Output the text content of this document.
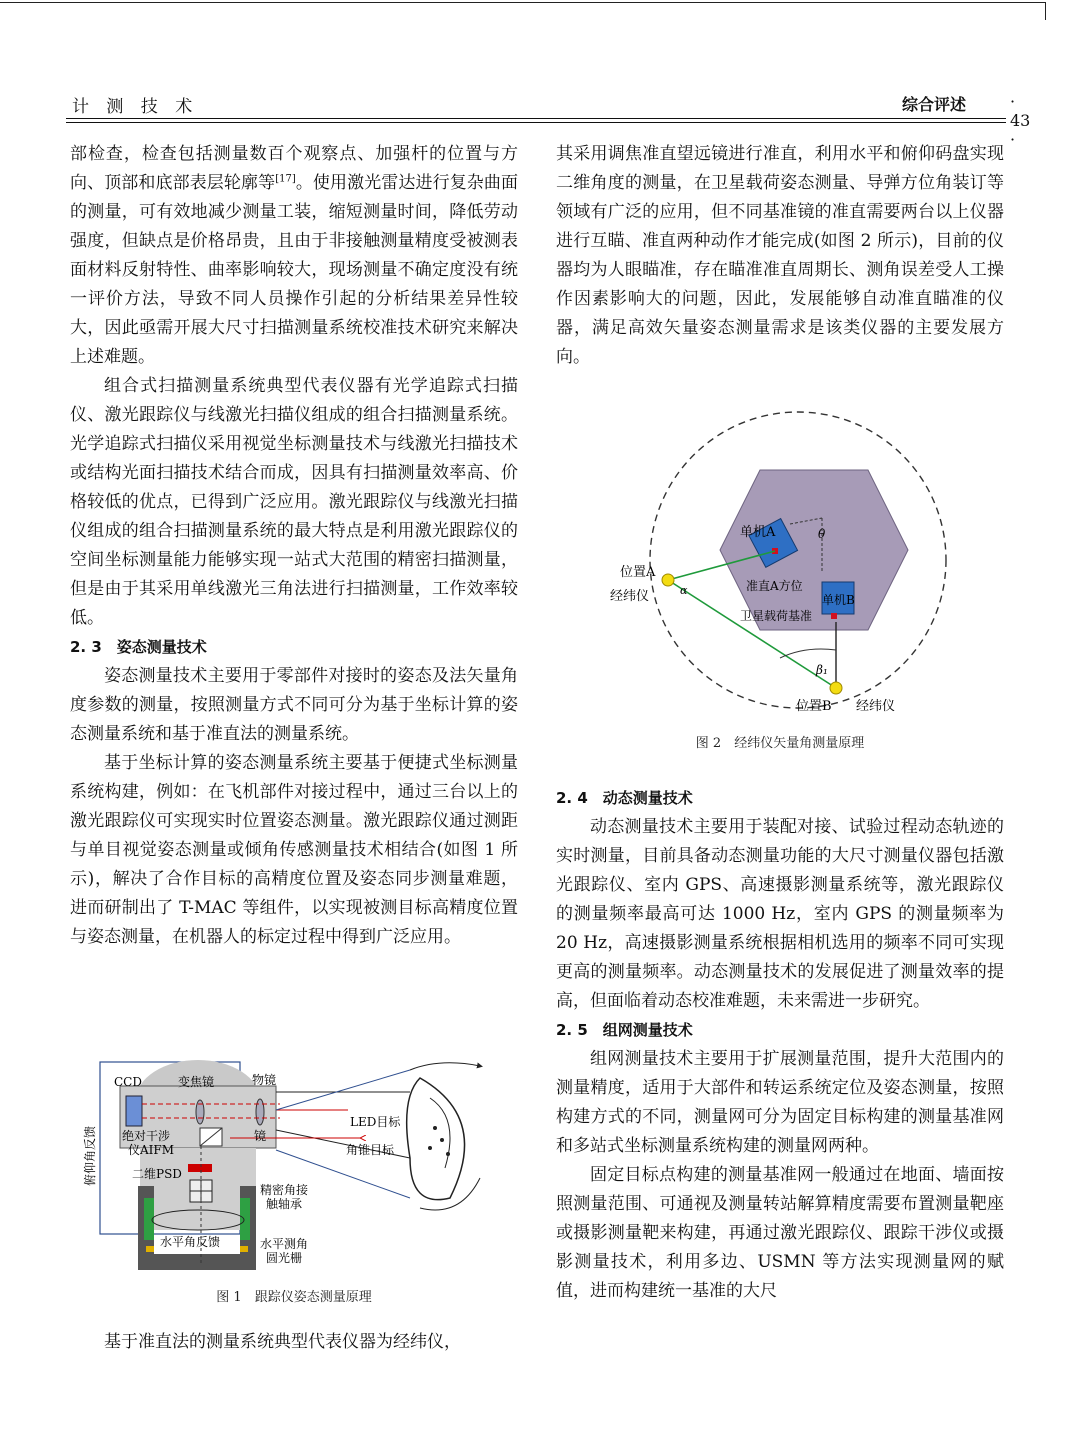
计 测 技 术	综合评述	· 43 ·

部检查，检查包括测量数百个观察点、加强杆的位置与方向、顶部和底部表层轮廓等[17]。使用激光雷达进行复杂曲面的测量，可有效地减少测量工装，缩短测量时间，降低劳动强度，但缺点是价格昂贵，且由于非接触测量精度受被测表面材料反射特性、曲率影响较大，现场测量不确定度没有统一评价方法，导致不同人员操作引起的分析结果差异性较大，因此亟需开展大尺寸扫描测量系统校准技术研究来解决上述难题。

组合式扫描测量系统典型代表仪器有光学追踪式扫描仪、激光跟踪仪与线激光扫描仪组成的组合扫描测量系统。光学追踪式扫描仪采用视觉坐标测量技术与线激光扫描技术或结构光面扫描技术结合而成，因具有扫描测量效率高、价格较低的优点，已得到广泛应用。激光跟踪仪与线激光扫描仪组成的组合扫描测量系统的最大特点是利用激光跟踪仪的空间坐标测量能力能够实现一站式大范围的精密扫描测量，但是由于其采用单线激光三角法进行扫描测量，工作效率较低。

2. 3　姿态测量技术

姿态测量技术主要用于零部件对接时的姿态及法矢量角度参数的测量，按照测量方式不同可分为基于坐标计算的姿态测量系统和基于准直法的测量系统。

基于坐标计算的姿态测量系统主要基于便捷式坐标测量系统构建，例如：在飞机部件对接过程中，通过三台以上的激光跟踪仪可实现实时位置姿态测量。激光跟踪仪通过测距与单目视觉姿态测量或倾角传感测量技术相结合(如图 1 所示)，解决了合作目标的高精度位置及姿态同步测量难题，进而研制出了 T-MAC 等组件，以实现被测目标高精度位置与姿态测量，在机器人的标定过程中得到广泛应用。

CCD	变焦镜	物镜
LED目标
绝对干涉
仪AIFM
镜
角锥目标
二维PSD
精密角接
触轴承
水平角反馈	水平测角
圆光栅
俯仰角反馈
图 1　跟踪仪姿态测量原理

基于准直法的测量系统典型代表仪器为经纬仪，

其采用调焦准直望远镜进行准直，利用水平和俯仰码盘实现二维角度的测量，在卫星载荷姿态测量、导弹方位角装订等领域有广泛的应用，但不同基准镜的准直需要两台以上仪器进行互瞄、准直两种动作才能完成(如图 2 所示)，目前的仪器均为人眼瞄准，存在瞄准准直周期长、测角误差受人工操作因素影响大的问题，因此，发展能够自动准直瞄准的仪器，满足高效矢量姿态测量需求是该类仪器的主要发展方向。

单机A
单机B
θ
准直A方位
卫星载荷基准
位置A
经纬仪	α
β₁
位置B 经纬仪
图 2　经纬仪矢量角测量原理
2. 4　动态测量技术

动态测量技术主要用于装配对接、试验过程动态轨迹的实时测量，目前具备动态测量功能的大尺寸测量仪器包括激光跟踪仪、室内 GPS、高速摄影测量系统等，激光跟踪仪的测量频率最高可达 1000 Hz，室内 GPS 的测量频率为 20 Hz，高速摄影测量系统根据相机选用的频率不同可实现更高的测量频率。动态测量技术的发展促进了测量效率的提高，但面临着动态校准难题，未来需进一步研究。

2. 5　组网测量技术

组网测量技术主要用于扩展测量范围，提升大范围内的测量精度，适用于大部件和转运系统定位及姿态测量，按照构建方式的不同，测量网可分为固定目标构建的测量基准网和多站式坐标测量系统构建的测量网两种。

固定目标点构建的测量基准网一般通过在地面、墙面按照测量范围、可通视及测量转站解算精度需要布置测量靶座或摄影测量靶来构建，再通过激光跟踪仪、跟踪干涉仪或摄影测量技术，利用多边、USMN 等方法实现测量网的赋值，进而构建统一基准的大尺
